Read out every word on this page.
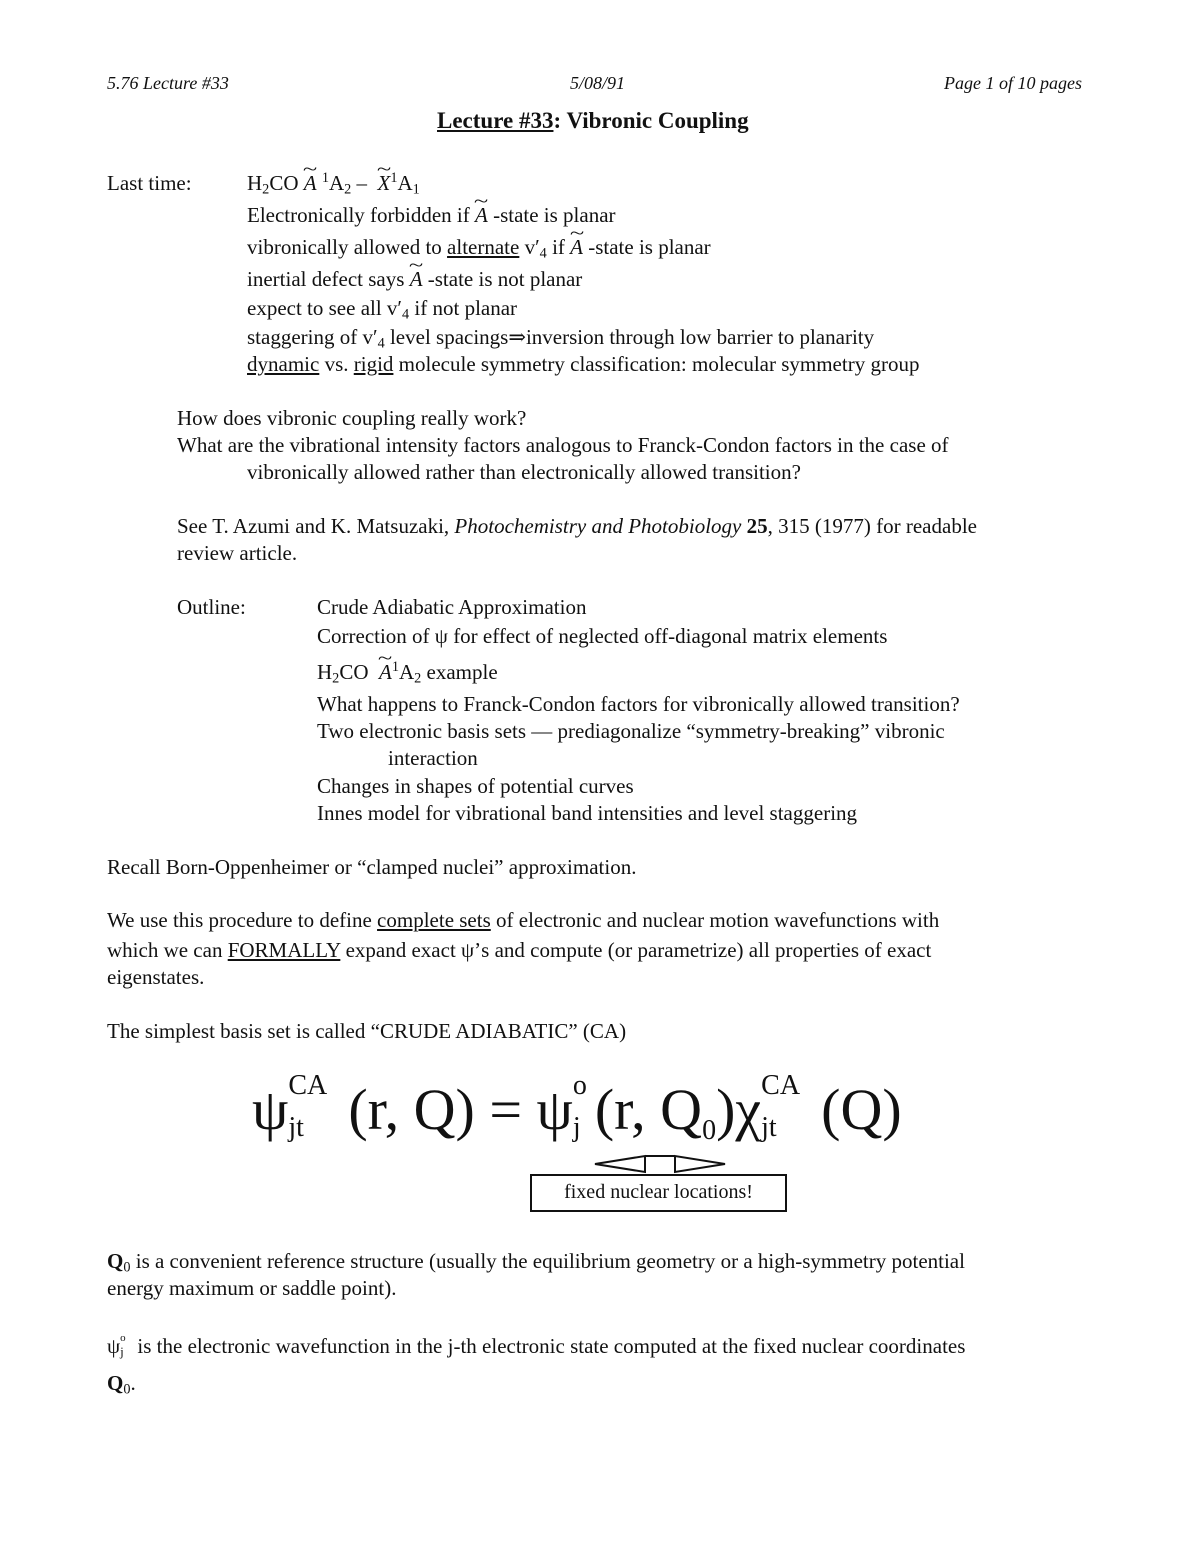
5.76 Lecture #33	5/08/91	Page 1 of 10 pages
Lecture #33: Vibronic Coupling
Last time:	$H_2CO$ ~ A $^1A_2$ –  ~ $X^1A_1$
Electronically forbidden if ~ A -state is planar
vibronically allowed to alternate $v'_4$ if ~ A -state is planar
inertial defect says ~ A -state is not planar
expect to see all $v'_4$ if not planar
staggering of $v'_4$ level spacings⇒inversion through low barrier to planarity
dynamic vs. rigid molecule symmetry classification: molecular symmetry group
How does vibronic coupling really work?
What are the vibrational intensity factors analogous to Franck-Condon factors in the case of
vibronically allowed rather than electronically allowed transition?
See T. Azumi and K. Matsuzaki, Photochemistry and Photobiology 25, 315 (1977) for readable
review article.
Outline:	Crude Adiabatic Approximation
Correction of ψ for effect of neglected off-diagonal matrix elements
$H_2CO$ ~ $A^1A_2$ example
What happens to Franck-Condon factors for vibronically allowed transition?
Two electronic basis sets — prediagonalize “symmetry-breaking” vibronic
interaction
Changes in shapes of potential curves
Innes model for vibrational band intensities and level staggering
Recall Born-Oppenheimer or “clamped nuclei” approximation.
We use this procedure to define complete sets of electronic and nuclear motion wavefunctions with
which we can FORMALLY expand exact ψ’s and compute (or parametrize) all properties of exact
eigenstates.
The simplest basis set is called “CRUDE ADIABATIC” (CA)
ψ CA
jt (r, Q) = ψ o
j (r, $Q_0)\chi$ CA
jt (Q)
fixed nuclear locations!
$Q_0$ is a convenient reference structure (usually the equilibrium geometry or a high-symmetry potential
energy maximum or saddle point).
ψ o
j is the electronic wavefunction in the j-th electronic state computed at the fixed nuclear coordinates
$Q_0$.
